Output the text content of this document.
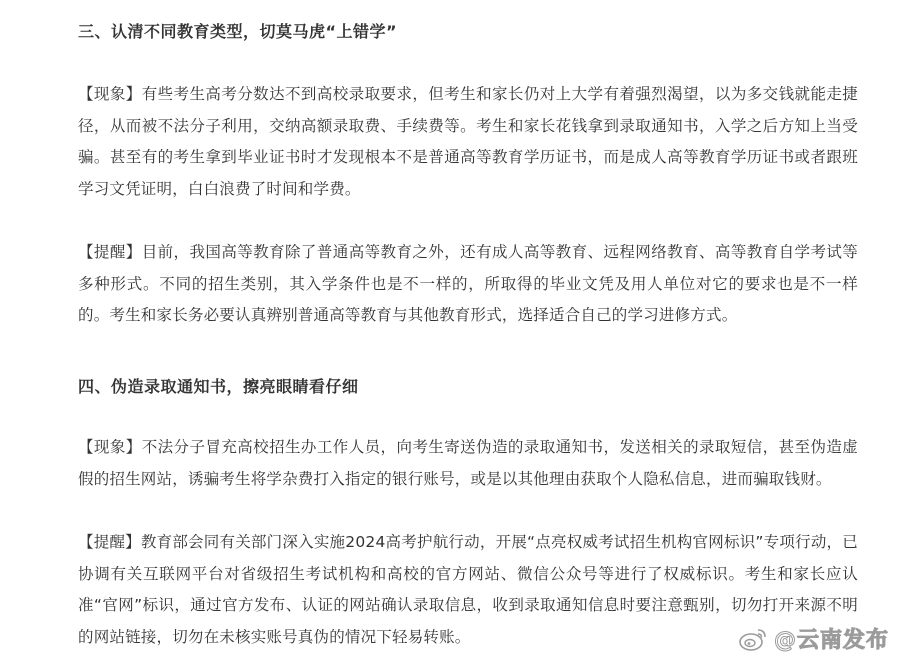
三、认清不同教育类型，切莫马虎“上错学”
【现象】有些考生高考分数达不到高校录取要求，但考生和家长仍对上大学有着强烈渴望，以为多交钱就能走捷径，从而被不法分子利用，交纳高额录取费、手续费等。考生和家长花钱拿到录取通知书，入学之后方知上当受骗。甚至有的考生拿到毕业证书时才发现根本不是普通高等教育学历证书，而是成人高等教育学历证书或者跟班学习文凭证明，白白浪费了时间和学费。
【提醒】目前，我国高等教育除了普通高等教育之外，还有成人高等教育、远程网络教育、高等教育自学考试等多种形式。不同的招生类别，其入学条件也是不一样的，所取得的毕业文凭及用人单位对它的要求也是不一样的。考生和家长务必要认真辨别普通高等教育与其他教育形式，选择适合自己的学习进修方式。
四、伪造录取通知书，擦亮眼睛看仔细
【现象】不法分子冒充高校招生办工作人员，向考生寄送伪造的录取通知书，发送相关的录取短信，甚至伪造虚假的招生网站，诱骗考生将学杂费打入指定的银行账号，或是以其他理由获取个人隐私信息，进而骗取钱财。
【提醒】教育部会同有关部门深入实施2024高考护航行动，开展“点亮权威考试招生机构官网标识”专项行动，已协调有关互联网平台对省级招生考试机构和高校的官方网站、微信公众号等进行了权威标识。考生和家长应认准“官网”标识，通过官方发布、认证的网站确认录取信息，收到录取通知信息时要注意甄别，切勿打开来源不明的网站链接，切勿在未核实账号真伪的情况下轻易转账。	@云南发布
